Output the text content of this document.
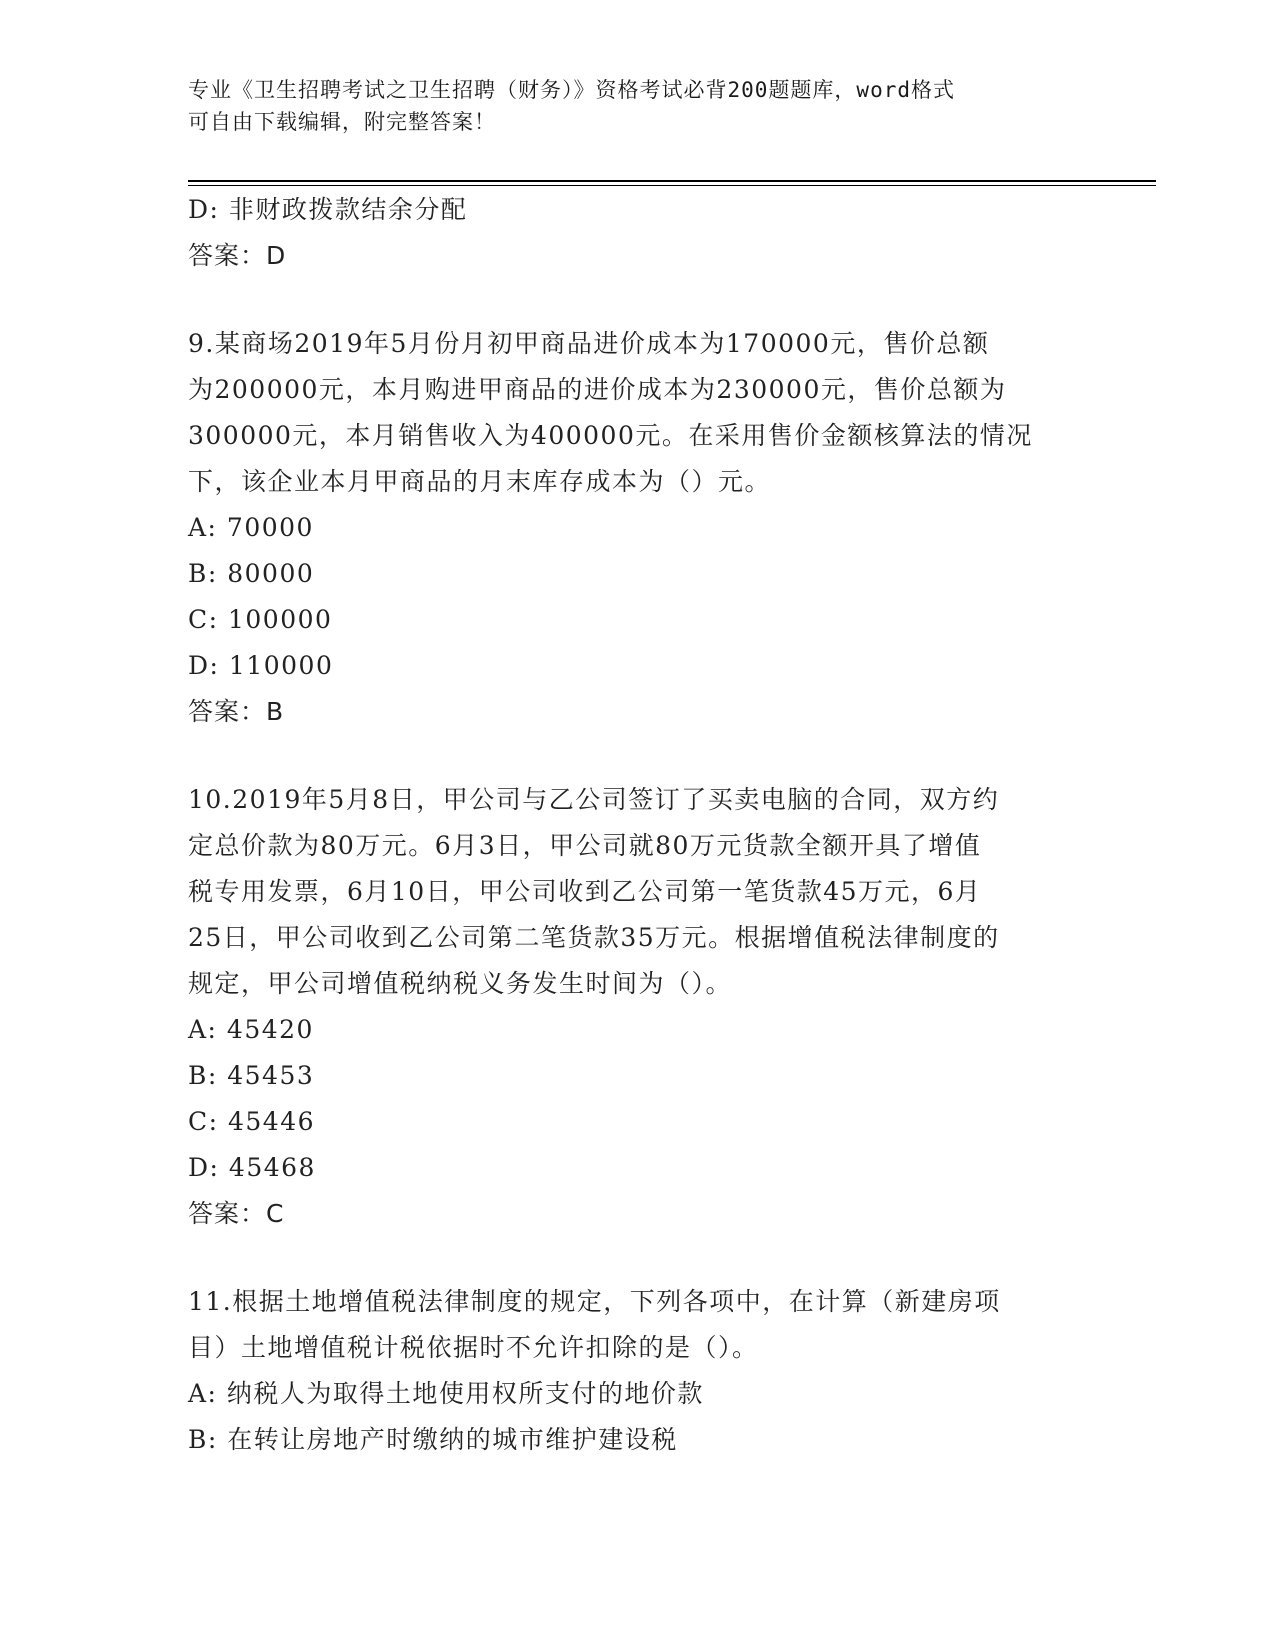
专业《卫生招聘考试之卫生招聘（财务）》资格考试必背200题题库，word格式
可自由下载编辑，附完整答案！
D: 非财政拨款结余分配
答案：D
9.某商场2019年5月份月初甲商品进价成本为170000元，售价总额
为200000元，本月购进甲商品的进价成本为230000元，售价总额为
300000元，本月销售收入为400000元。在采用售价金额核算法的情况
下，该企业本月甲商品的月末库存成本为（）元。
A: 70000
B: 80000
C: 100000
D: 110000
答案：B
10.2019年5月8日，甲公司与乙公司签订了买卖电脑的合同，双方约
定总价款为80万元。6月3日，甲公司就80万元货款全额开具了增值
税专用发票，6月10日，甲公司收到乙公司第一笔货款45万元，6月
25日，甲公司收到乙公司第二笔货款35万元。根据增值税法律制度的
规定，甲公司增值税纳税义务发生时间为（）。
A: 45420
B: 45453
C: 45446
D: 45468
答案：C
11.根据土地增值税法律制度的规定，下列各项中，在计算（新建房项
目）土地增值税计税依据时不允许扣除的是（）。
A: 纳税人为取得土地使用权所支付的地价款
B: 在转让房地产时缴纳的城市维护建设税
